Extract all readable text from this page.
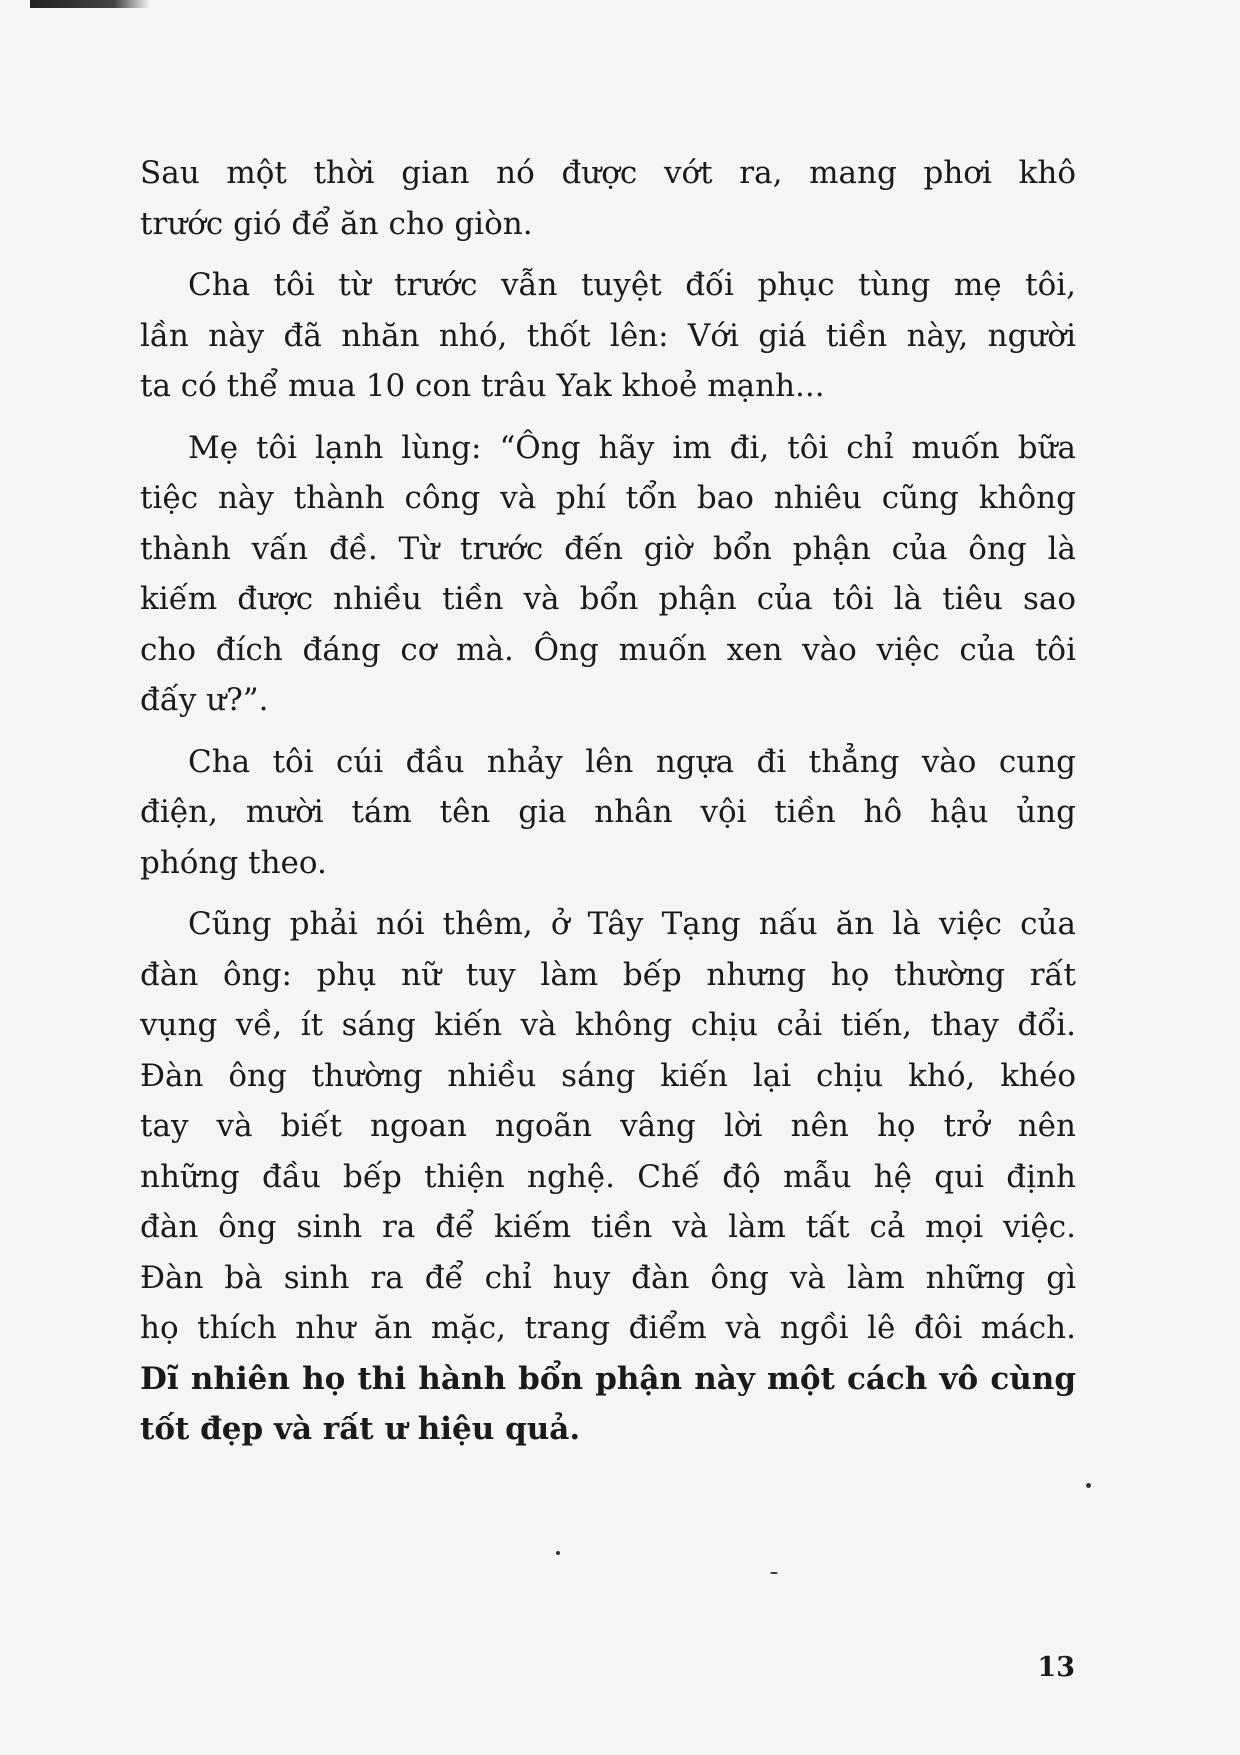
Sau một thời gian nó được vớt ra, mang phơi khô
trước gió để ăn cho giòn.

Cha tôi từ trước vẫn tuyệt đối phục tùng mẹ tôi,
lần này đã nhăn nhó, thốt lên: Với giá tiền này, người
ta có thể mua 10 con trâu Yak khoẻ mạnh...

Mẹ tôi lạnh lùng: “Ông hãy im đi, tôi chỉ muốn bữa
tiệc này thành công và phí tổn bao nhiêu cũng không
thành vấn đề. Từ trước đến giờ bổn phận của ông là
kiếm được nhiều tiền và bổn phận của tôi là tiêu sao
cho đích đáng cơ mà. Ông muốn xen vào việc của tôi
đấy ư?”.

Cha tôi cúi đầu nhảy lên ngựa đi thẳng vào cung
điện, mười tám tên gia nhân vội tiền hô hậu ủng
phóng theo.

Cũng phải nói thêm, ở Tây Tạng nấu ăn là việc của
đàn ông: phụ nữ tuy làm bếp nhưng họ thường rất
vụng về, ít sáng kiến và không chịu cải tiến, thay đổi.
Đàn ông thường nhiều sáng kiến lại chịu khó, khéo
tay và biết ngoan ngoãn vâng lời nên họ trở nên
những đầu bếp thiện nghệ. Chế độ mẫu hệ qui định
đàn ông sinh ra để kiếm tiền và làm tất cả mọi việc.
Đàn bà sinh ra để chỉ huy đàn ông và làm những gì
họ thích như ăn mặc, trang điểm và ngồi lê đôi mách.
Dĩ nhiên họ thi hành bổn phận này một cách vô cùng
tốt đẹp và rất ư hiệu quả.

13
